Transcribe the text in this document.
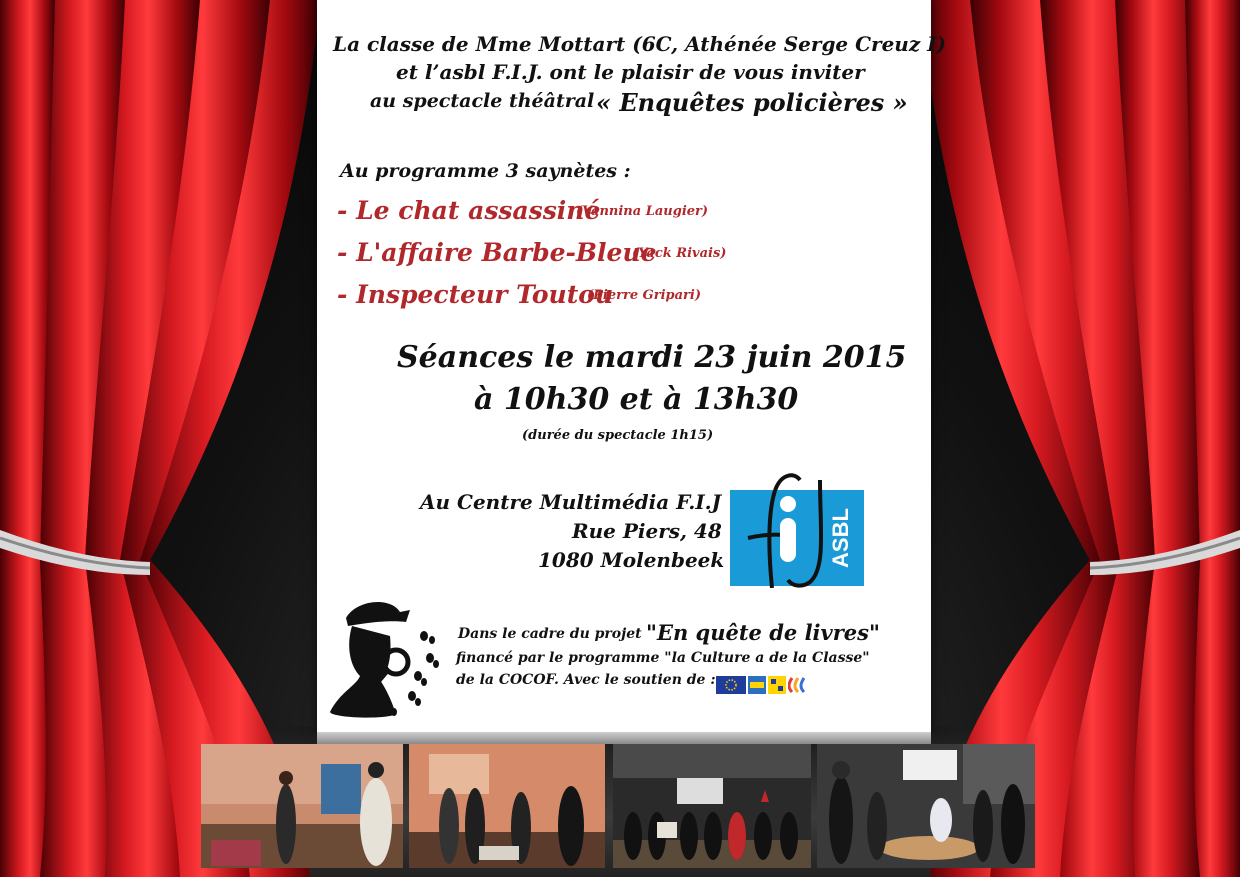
La classe de Mme Mottart (6C, Athénée Serge Creuz I)
et l’asbl F.I.J. ont le plaisir de vous inviter
au spectacle théâtral « Enquêtes policières »
Au programme 3 saynètes :
- Le chat assassiné
(Vannina Laugier)
- L'affaire Barbe-Bleue
(Yack Rivais)
- Inspecteur Toutou
(Pierre Gripari)
Séances le mardi 23 juin 2015
à 10h30 et à 13h30
(durée du spectacle 1h15)
Au Centre Multimédia F.I.J
Rue Piers, 48
1080 Molenbeek	ASBL
Dans le cadre du projet "En quête de livres"
financé par le programme "la Culture a de la Classe"
de la COCOF. Avec le soutien de :
